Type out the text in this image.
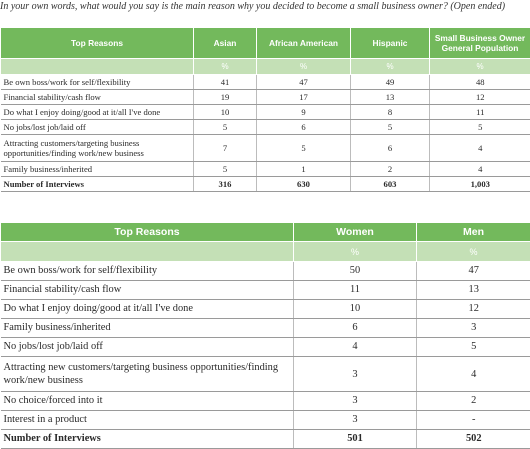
In your own words, what would you say is the main reason why you decided to become a small business owner? (Open ended)
Top Reasons	Asian	African American	Hispanic	Small Business Owner General Population
	%	%	%	%
Be own boss/work for self/flexibility	41	47	49	48
Financial stability/cash flow	19	17	13	12
Do what I enjoy doing/good at it/all I've done	10	9	8	11
No jobs/lost job/laid off	5	6	5	5
Attracting customers/targeting business opportunities/finding work/new business	7	5	6	4
Family business/inherited	5	1	2	4
Number of Interviews	316	630	603	1,003
Top Reasons	Women	Men
	%	%
Be own boss/work for self/flexibility	50	47
Financial stability/cash flow	11	13
Do what I enjoy doing/good at it/all I've done	10	12
Family business/inherited	6	3
No jobs/lost job/laid off	4	5
Attracting new customers/targeting business opportunities/finding work/new business	3	4
No choice/forced into it	3	2
Interest in a product	3	-
Number of Interviews	501	502
